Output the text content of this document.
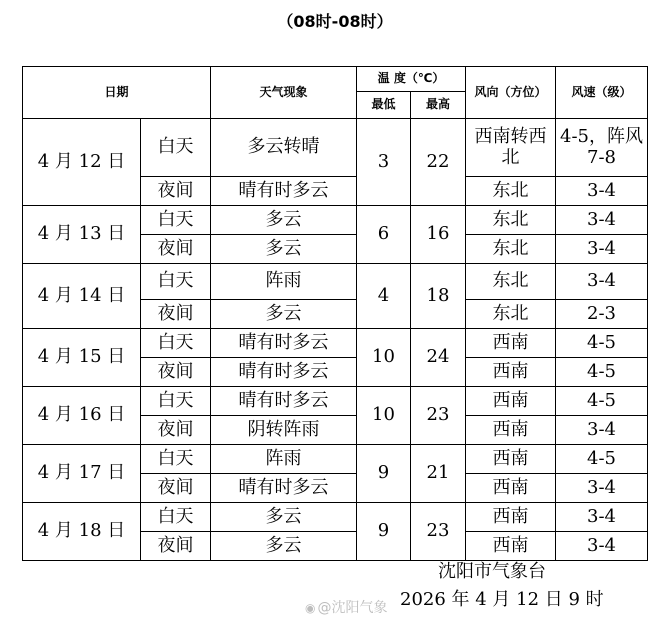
（08时-08时）
日期		天气现象	温 度（℃）		风向（方位）	风速（级）
			最低	最高		
4 月 12 日	白天	多云转晴	3	22	西南转西北	4-5，阵风 7-8
	夜间	晴有时多云			东北	3-4
4 月 13 日	白天	多云	6	16	东北	3-4
	夜间	多云			东北	3-4
4 月 14 日	白天	阵雨	4	18	东北	3-4
	夜间	多云			东北	2-3
4 月 15 日	白天	晴有时多云	10	24	西南	4-5
	夜间	晴有时多云			西南	4-5
4 月 16 日	白天	晴有时多云	10	23	西南	4-5
	夜间	阴转阵雨			西南	3-4
4 月 17 日	白天	阵雨	9	21	西南	4-5
	夜间	晴有时多云			西南	3-4
4 月 18 日	白天	多云	9	23	西南	3-4
	夜间	多云			西南	3-4
沈阳市气象台
◉ @沈阳气象 2026 年 4 月 12 日 9 时
